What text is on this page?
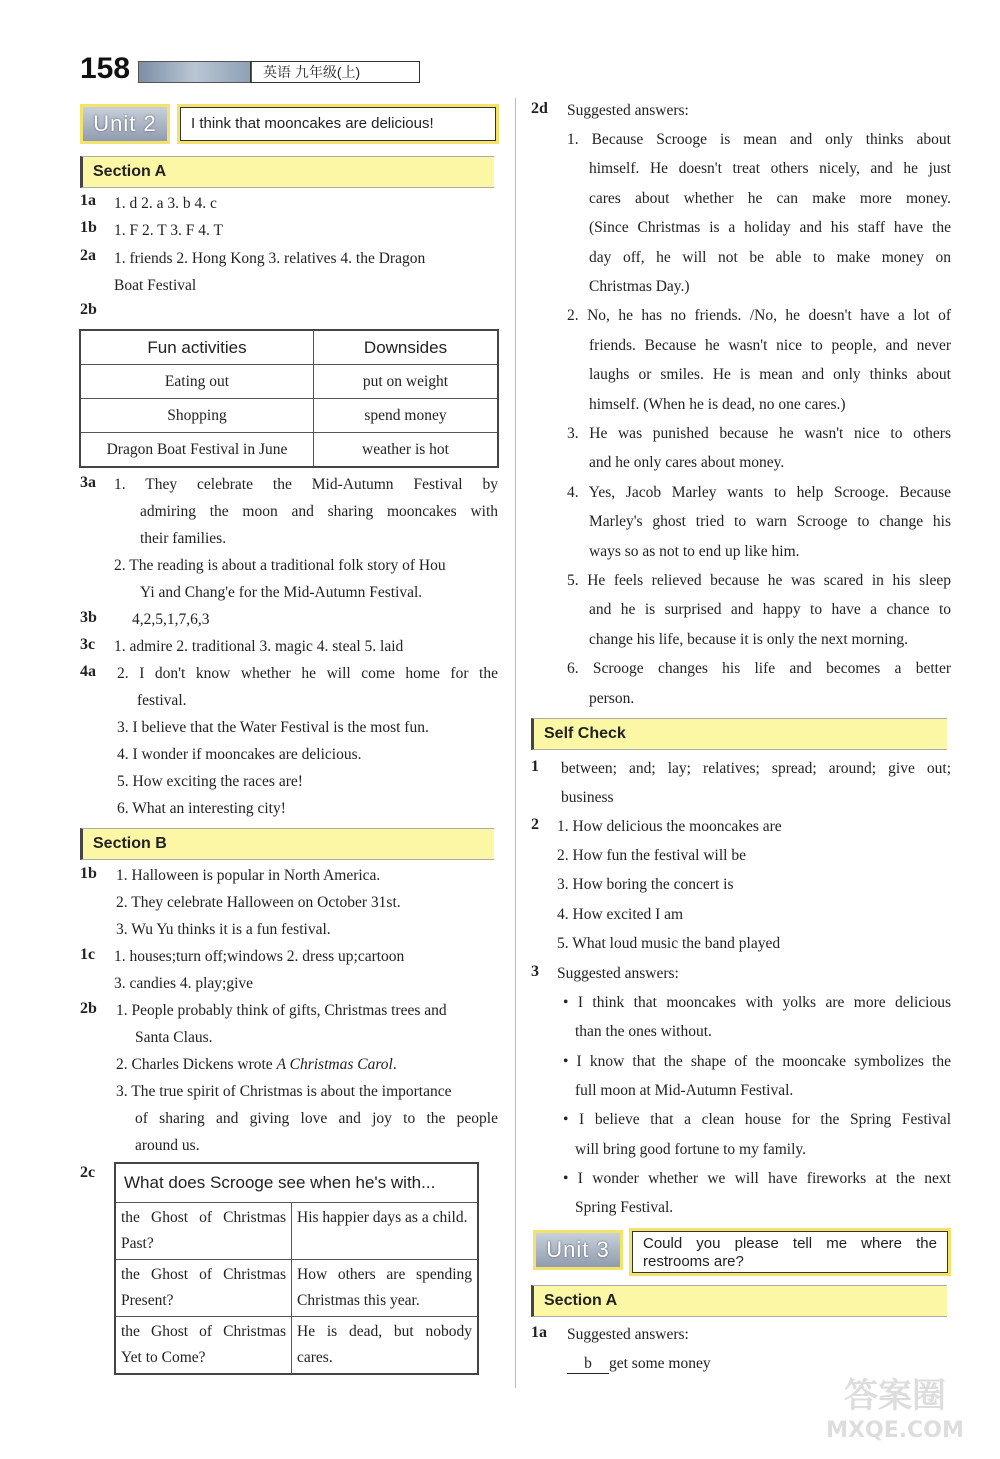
158	英语 九年级(上)
Unit 2	I think that mooncakes are delicious!
Section A
1a 1. d 2. a 3. b 4. c
1b 1. F 2. T 3. F 4. T
2a 1. friends 2. Hong Kong 3. relatives 4. the Dragon
Boat Festival
2b
Fun activities	Downsides
Eating out	put on weight
Shopping	spend money
Dragon Boat Festival in June	weather is hot
3a 1. They celebrate the Mid-Autumn Festival by
admiring the moon and sharing mooncakes with
their families.
2. The reading is about a traditional folk story of Hou
Yi and Chang'e for the Mid-Autumn Festival.
3b 4,2,5,1,7,6,3
3c 1. admire 2. traditional 3. magic 4. steal 5. laid
4a 2. I don't know whether he will come home for the
festival.
3. I believe that the Water Festival is the most fun.
4. I wonder if mooncakes are delicious.
5. How exciting the races are!
6. What an interesting city!
Section B
1b 1. Halloween is popular in North America.
2. They celebrate Halloween on October 31st.
3. Wu Yu thinks it is a fun festival.
1c 1. houses;turn off;windows 2. dress up;cartoon
3. candies 4. play;give
2b 1. People probably think of gifts, Christmas trees and
Santa Claus.
2. Charles Dickens wrote A Christmas Carol.
3. The true spirit of Christmas is about the importance
of sharing and giving love and joy to the people
around us.
2c
What does Scrooge see when he's with...	
the Ghost of Christmas Past?	His happier days as a child.
the Ghost of Christmas Present?	How others are spending Christmas this year.
the Ghost of Christmas Yet to Come?	He is dead, but nobody cares.
2d Suggested answers:
1. Because Scrooge is mean and only thinks about
himself. He doesn't treat others nicely, and he just
cares about whether he can make more money.
(Since Christmas is a holiday and his staff have the
day off, he will not be able to make money on
Christmas Day.)
2. No, he has no friends. /No, he doesn't have a lot of
friends. Because he wasn't nice to people, and never
laughs or smiles. He is mean and only thinks about
himself. (When he is dead, no one cares.)
3. He was punished because he wasn't nice to others
and he only cares about money.
4. Yes, Jacob Marley wants to help Scrooge. Because
Marley's ghost tried to warn Scrooge to change his
ways so as not to end up like him.
5. He feels relieved because he was scared in his sleep
and he is surprised and happy to have a chance to
change his life, because it is only the next morning.
6. Scrooge changes his life and becomes a better
person.
Self Check
1 between; and; lay; relatives; spread; around; give out;
business
2 1. How delicious the mooncakes are
2. How fun the festival will be
3. How boring the concert is
4. How excited I am
5. What loud music the band played
3 Suggested answers:
• I think that mooncakes with yolks are more delicious
than the ones without.
• I know that the shape of the mooncake symbolizes the
full moon at Mid-Autumn Festival.
• I believe that a clean house for the Spring Festival
will bring good fortune to my family.
• I wonder whether we will have fireworks at the next
Spring Festival.
Unit 3	Could you please tell me where the
restrooms are?
Section A
1a Suggested answers:
b get some money
答案圈
MXQE.COM
